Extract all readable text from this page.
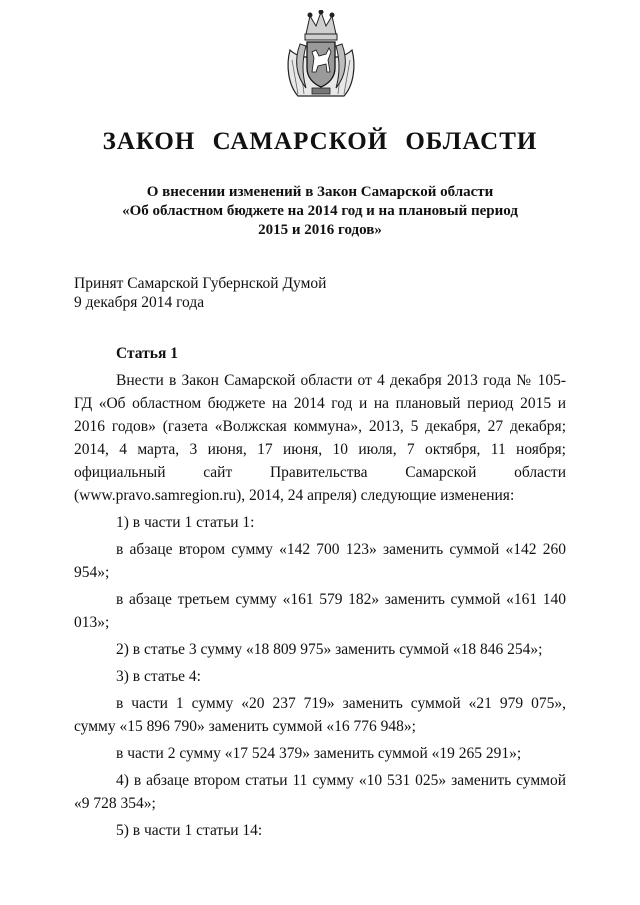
ЗАКОН САМАРСКОЙ ОБЛАСТИ
О внесении изменений в Закон Самарской области
«Об областном бюджете на 2014 год и на плановый период
2015 и 2016 годов»
Принят Самарской Губернской Думой
9 декабря 2014 года
Статья 1

Внести в Закон Самарской области от 4 декабря 2013 года № 105-ГД «Об областном бюджете на 2014 год и на плановый период 2015 и 2016 годов» (газета «Волжская коммуна», 2013, 5 декабря, 27 декабря; 2014, 4 марта, 3 июня, 17 июня, 10 июля, 7 октября, 11 ноября; официальный сайт Правительства Самарской области (www.pravo.samregion.ru), 2014, 24 апреля) следующие изменения:

1) в части 1 статьи 1:

в абзаце втором сумму «142 700 123» заменить суммой «142 260 954»;

в абзаце третьем сумму «161 579 182» заменить суммой «161 140 013»;

2) в статье 3 сумму «18 809 975» заменить суммой «18 846 254»;

3) в статье 4:

в части 1 сумму «20 237 719» заменить суммой «21 979 075», сумму «15 896 790» заменить суммой «16 776 948»;

в части 2 сумму «17 524 379» заменить суммой «19 265 291»;

4) в абзаце втором статьи 11 сумму «10 531 025» заменить суммой «9 728 354»;

5) в части 1 статьи 14:
